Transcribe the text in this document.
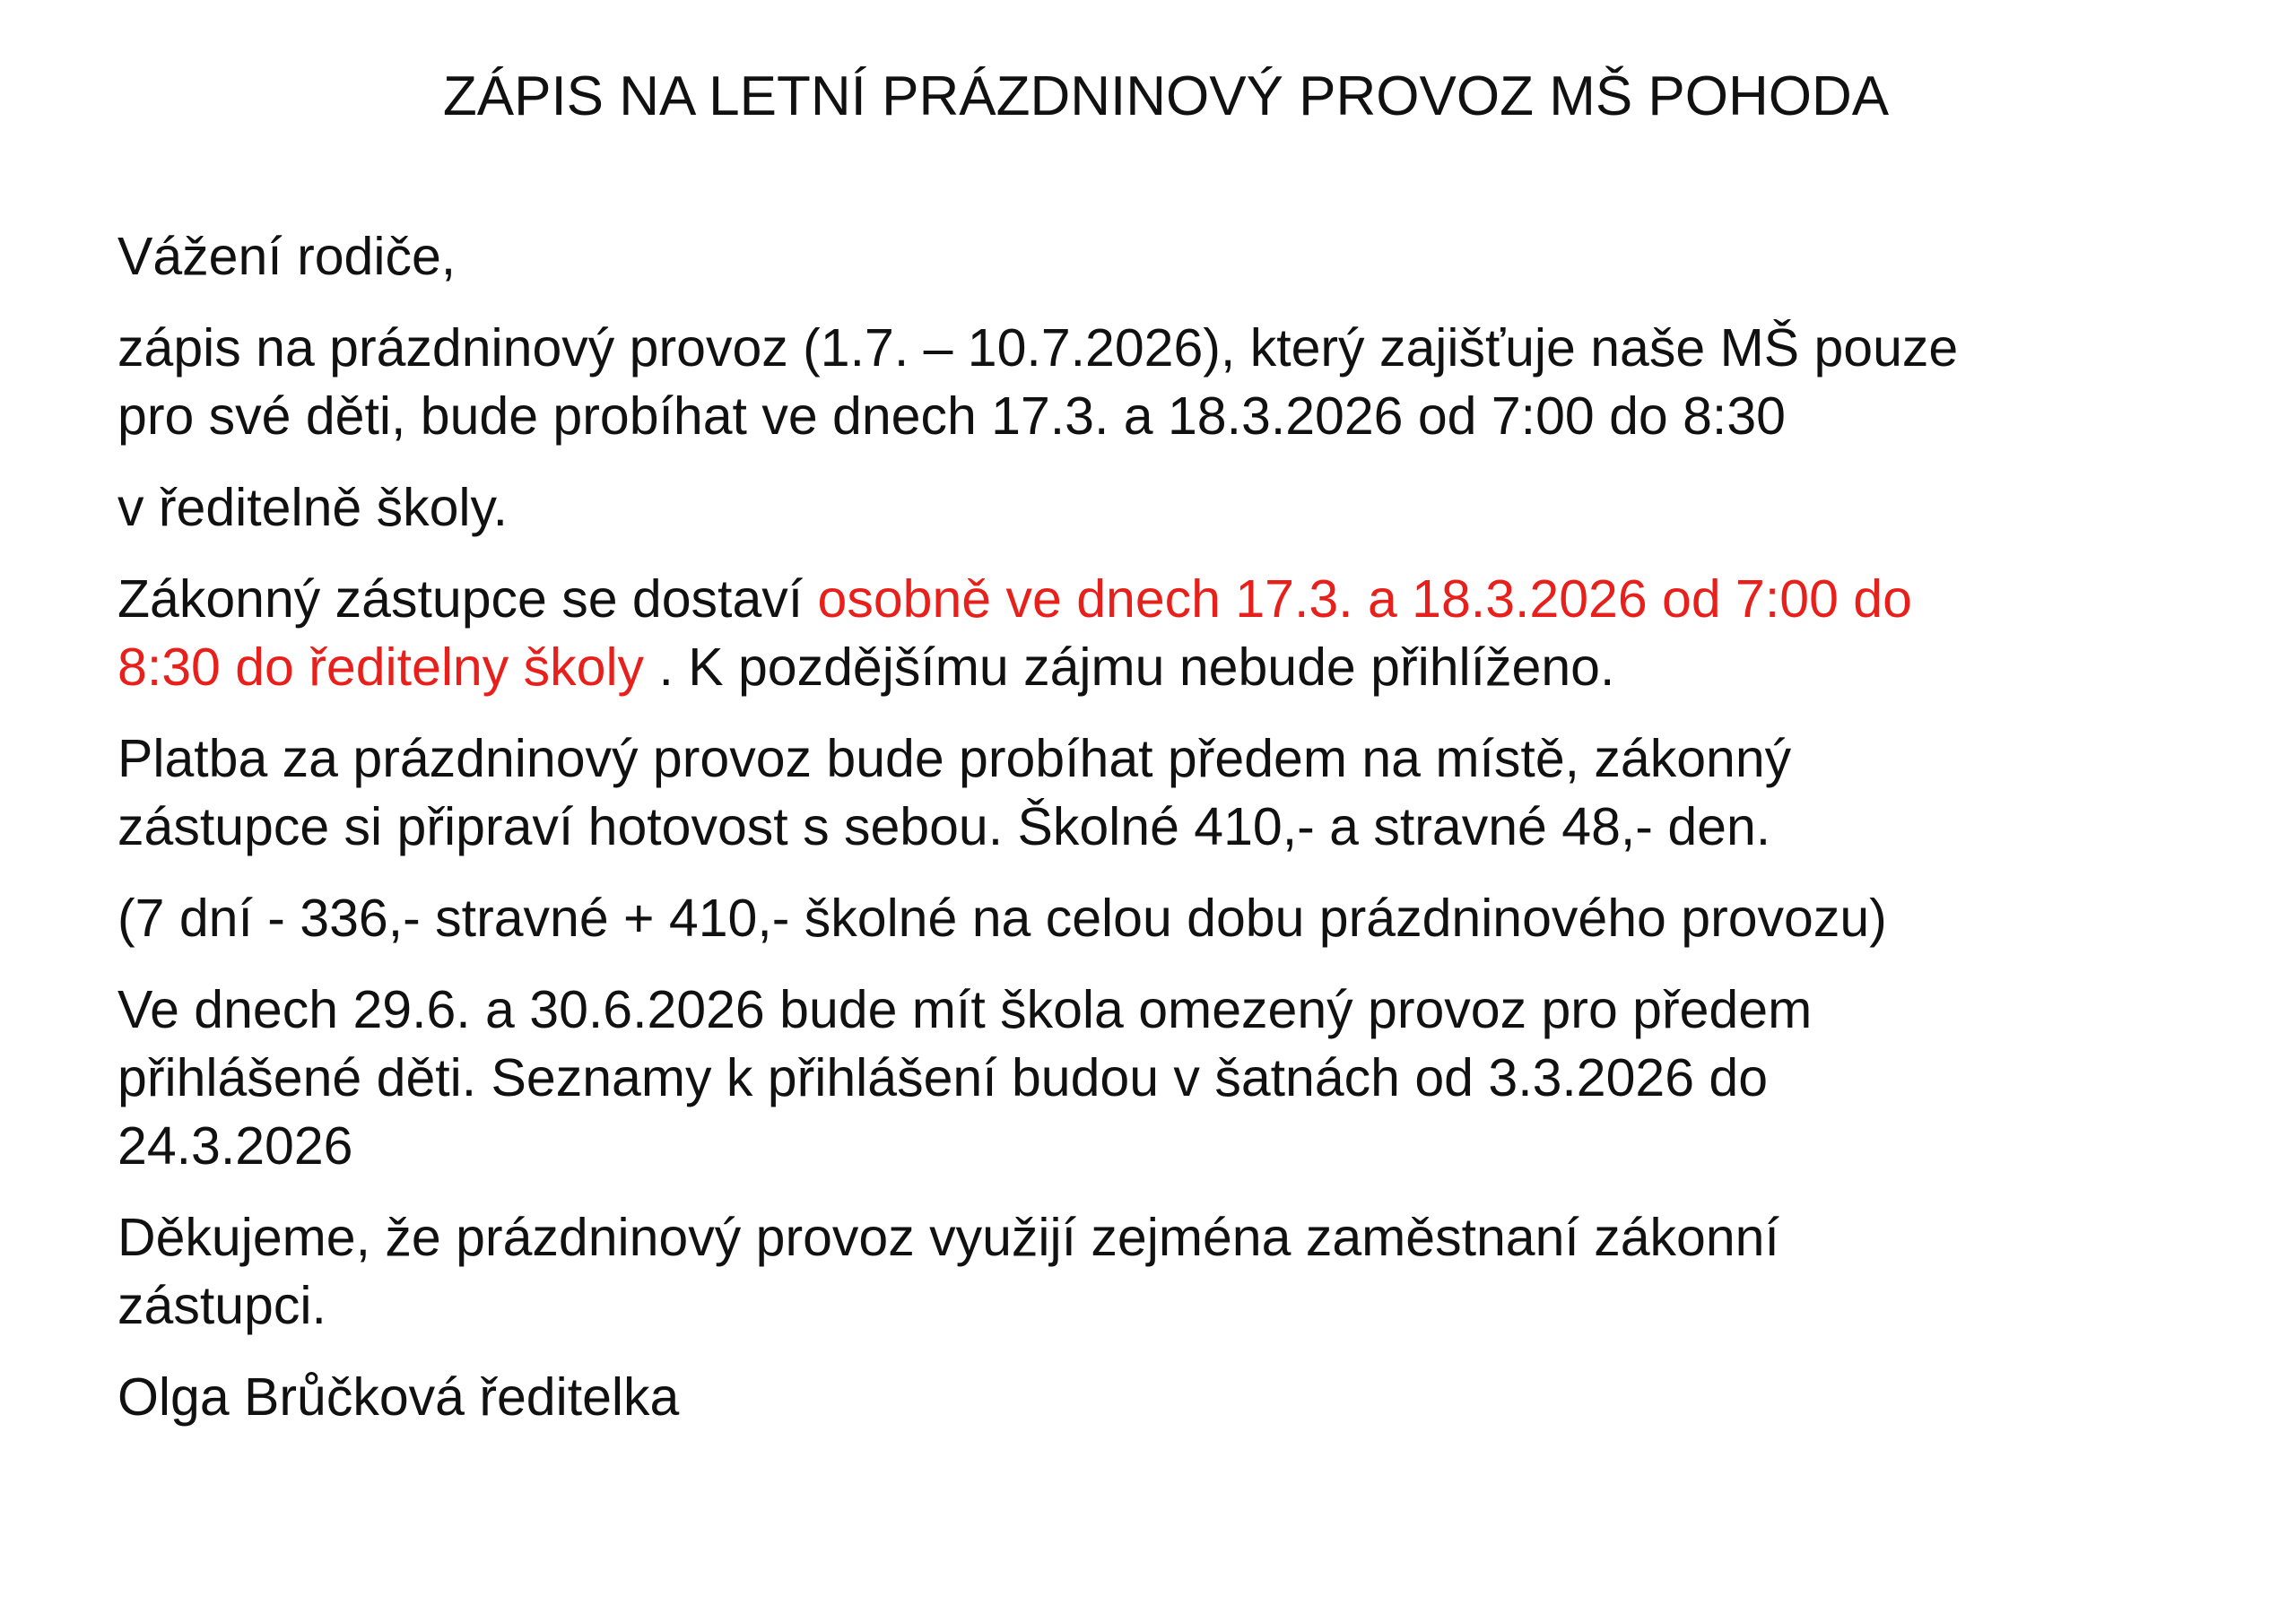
ZÁPIS NA LETNÍ PRÁZDNINOVÝ PROVOZ MŠ POHODA

Vážení rodiče,

zápis na prázdninový provoz (1.7. – 10.7.2026), který zajišťuje naše MŠ pouze
pro své děti, bude probíhat ve dnech 17.3. a 18.3.2026 od 7:00 do 8:30

v ředitelně školy.

Zákonný zástupce se dostaví osobně ve dnech 17.3. a 18.3.2026 od 7:00 do
8:30 do ředitelny školy . K pozdějšímu zájmu nebude přihlíženo.

Platba za prázdninový provoz bude probíhat předem na místě, zákonný
zástupce si připraví hotovost s sebou. Školné 410,- a stravné 48,- den.

(7 dní - 336,- stravné + 410,- školné na celou dobu prázdninového provozu)

Ve dnech 29.6. a 30.6.2026 bude mít škola omezený provoz pro předem
přihlášené děti. Seznamy k přihlášení budou v šatnách od 3.3.2026 do
24.3.2026

Děkujeme, že prázdninový provoz využijí zejména zaměstnaní zákonní
zástupci.

Olga Brůčková ředitelka
